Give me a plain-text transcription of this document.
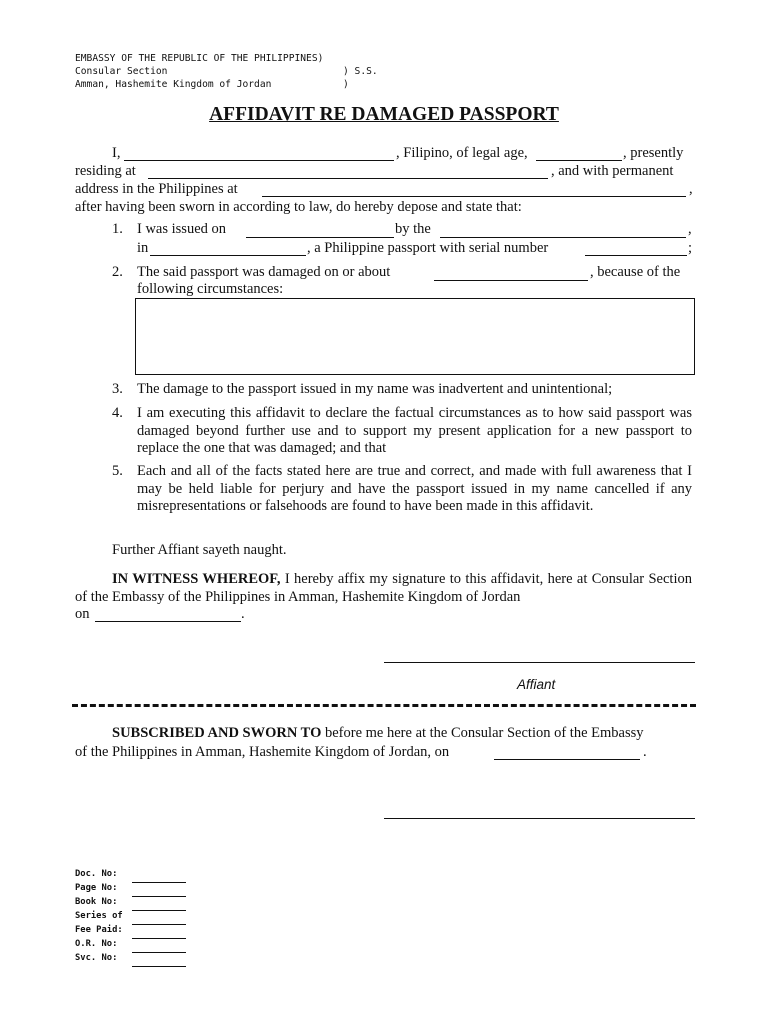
EMBASSY OF THE REPUBLIC OF THE PHILIPPINES)
Consular Section	) S.S.
Amman, Hashemite Kingdom of Jordan	)
AFFIDAVIT RE DAMAGED PASSPORT
I,	, Filipino, of legal age,	, presently
residing at	, and with permanent
address in the Philippines at	,
after having been sworn in according to law, do hereby depose and state that:
1. I was issued on	by the	,
in	, a Philippine passport with serial number	;
2. The said passport was damaged on or about	, because of the
following circumstances:
3. The damage to the passport issued in my name was inadvertent and unintentional;
4. I am executing this affidavit to declare the factual circumstances as to how said passport was damaged beyond further use and to support my present application for a new passport to replace the one that was damaged; and that
5. Each and all of the facts stated here are true and correct, and made with full awareness that I may be held liable for perjury and have the passport issued in my name cancelled if any misrepresentations or falsehoods are found to have been made in this affidavit.
Further Affiant sayeth naught.
IN WITNESS WHEREOF, I hereby affix my signature to this affidavit, here at Consular Section of the Embassy of the Philippines in Amman, Hashemite Kingdom of Jordan
on	.
Affiant
SUBSCRIBED AND SWORN TO before me here at the Consular Section of the Embassy
of the Philippines in Amman, Hashemite Kingdom of Jordan, on	.
Doc. No:
Page No:
Book No:
Series of
Fee Paid:
O.R. No:
Svc. No:
